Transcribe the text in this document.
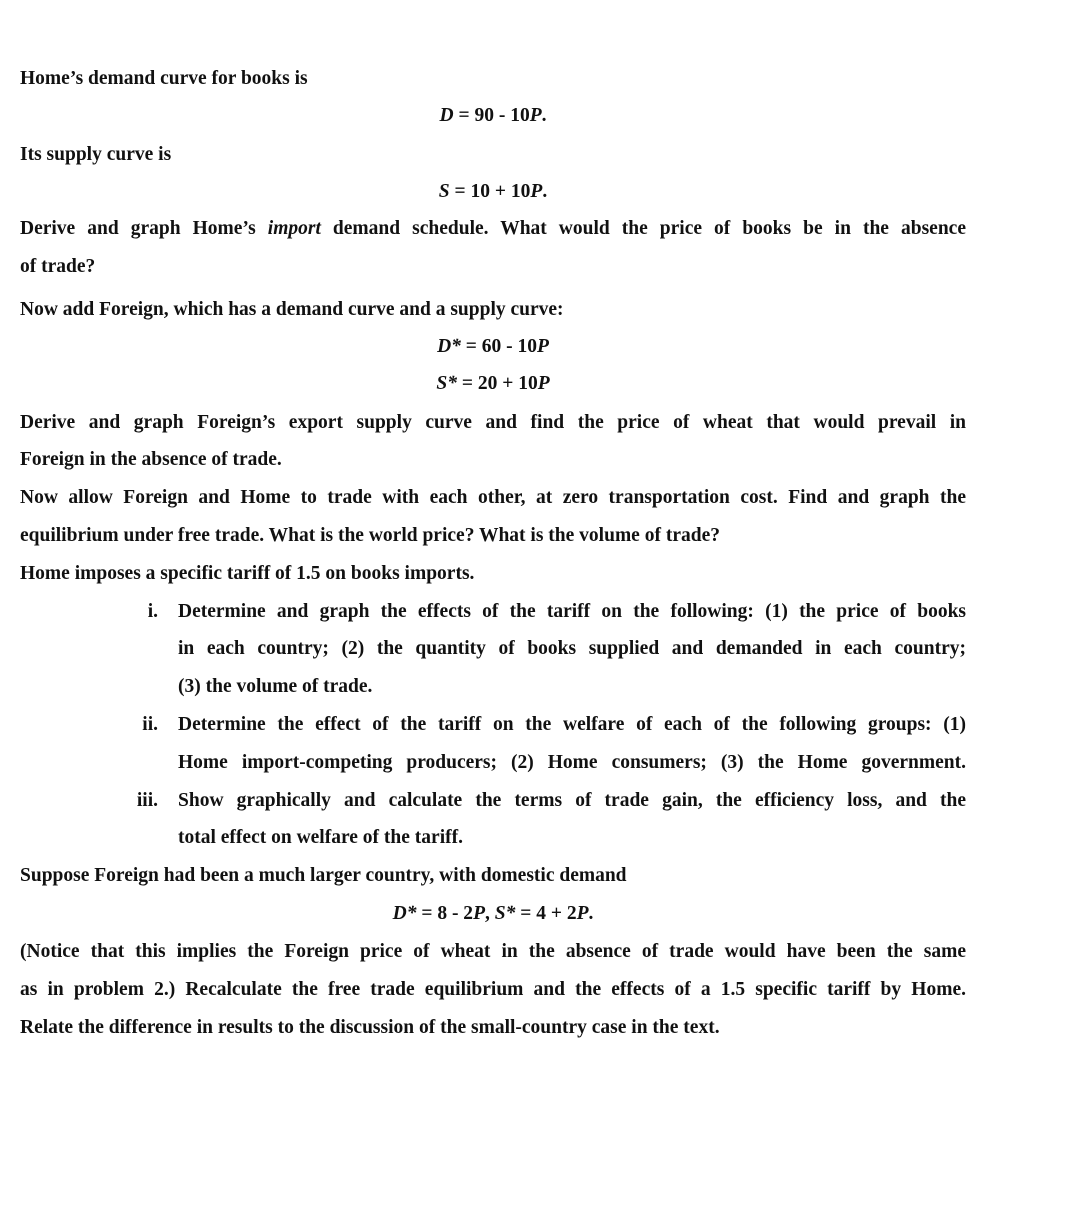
Home’s demand curve for books is
D = 90 - 10P.
Its supply curve is
S = 10 + 10P.
Derive and graph Home’s import demand schedule. What would the price of books be in the absence
of trade?
Now add Foreign, which has a demand curve and a supply curve:
D* = 60 - 10P
S* = 20 + 10P
Derive and graph Foreign’s export supply curve and find the price of wheat that would prevail in
Foreign in the absence of trade.
Now allow Foreign and Home to trade with each other, at zero transportation cost. Find and graph the
equilibrium under free trade. What is the world price? What is the volume of trade?
Home imposes a specific tariff of 1.5 on books imports.
i. Determine and graph the effects of the tariff on the following: (1) the price of books
in each country; (2) the quantity of books supplied and demanded in each country;
(3) the volume of trade.
ii. Determine the effect of the tariff on the welfare of each of the following groups: (1)
Home import-competing producers; (2) Home consumers; (3) the Home government.
iii. Show graphically and calculate the terms of trade gain, the efficiency loss, and the
total effect on welfare of the tariff.
Suppose Foreign had been a much larger country, with domestic demand
D* = 8 - 2P, S* = 4 + 2P.
(Notice that this implies the Foreign price of wheat in the absence of trade would have been the same
as in problem 2.) Recalculate the free trade equilibrium and the effects of a 1.5 specific tariff by Home.
Relate the difference in results to the discussion of the small-country case in the text.
